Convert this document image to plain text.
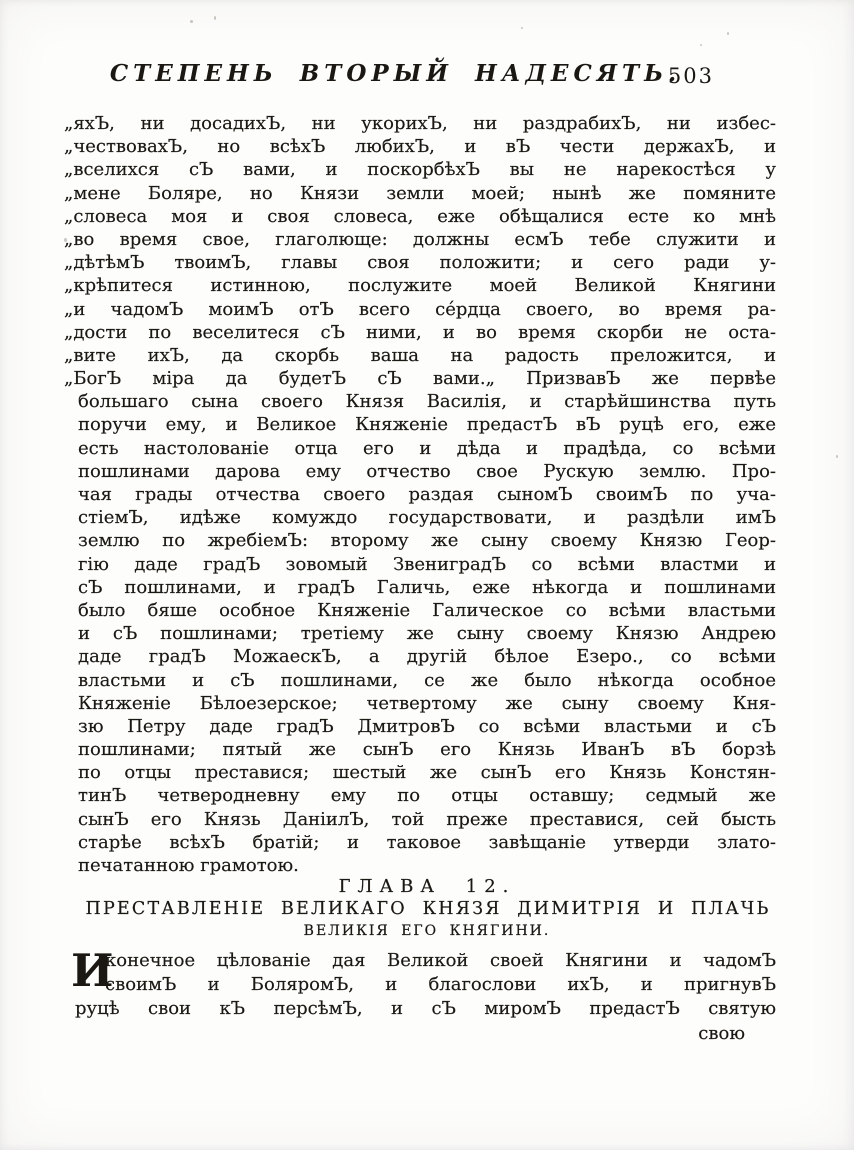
СТЕПЕНЬ ВТОРЫЙ НАДЕСЯТЬ.
503
„яхЪ, ни досадихЪ, ни укорихЪ, ни раздрабихЪ, ни избес-
„чествовахЪ, но всѣхЪ любихЪ, и вЪ чести держахЪ, и
„вселихся сЪ вами, и поскорбѣхЪ вы не нарекостѣся у
„мене Боляре, но Князи земли моей; нынѣ же помяните
„словеса моя и своя словеса, еже обѣщалися есте ко мнѣ
„во время свое, глаголюще: должны есмЪ тебе служити и
„дѣтѣмЪ твоимЪ, главы своя положити; и сего ради у-
„крѣпитеся истинною, послужите моей Великой Княгини
„и чадомЪ моимЪ отЪ всего се́рдца своего, во время ра-
„дости по веселитеся сЪ ними, и во время скорби не оста-
„вите ихЪ, да скорбь ваша на радость преложится, и
„БогЪ міра да будетЪ сЪ вами.„ ПризвавЪ же первѣе
большаго сына своего Князя Василія, и старѣйшинства путь
поручи ему, и Великое Княженіе предастЪ вЪ руцѣ его, еже
есть настолованіе отца его и дѣда и прадѣда, со всѣми
пошлинами дарова ему отчество свое Рускую землю. Про-
чая грады отчества своего раздая сыномЪ своимЪ по уча-
стіемЪ, идѣже комуждо государствовати, и раздѣли имЪ
землю по жребіемЪ: второму же сыну своему Князю Геор-
гію даде градЪ зовомый ЗвениградЪ со всѣми властми и
сЪ пошлинами, и градЪ Галичь, еже нѣкогда и пошлинами
было бяше особное Княженіе Галическое со всѣми властьми
и сЪ пошлинами; третіему же сыну своему Князю Андрею
даде градЪ МожаескЪ, а другій бѣлое Езеро., со всѣми
властьми и сЪ пошлинами, се же было нѣкогда особное
Княженіе Бѣлоезерское; четвертому же сыну своему Кня-
зю Петру даде градЪ ДмитровЪ со всѣми властьми и сЪ
пошлинами; пятый же сынЪ его Князь ИванЪ вЪ борзѣ
по отцы преставися; шестый же сынЪ его Князь Констян-
тинЪ четверодневну ему по отцы оставшу; седмый же
сынЪ его Князь ДаніилЪ, той преже преставися, сей бысть
старѣе всѣхЪ братій; и таковое завѣщаніе утверди злато-
печатанною грамотою.
ГЛАВА 12.
ПРЕСТАВЛЕНІЕ ВЕЛИКАГО КНЯЗЯ ДИМИТРІЯ И ПЛАЧЬ
ВЕЛИКІЯ ЕГО КНЯГИНИ.
И
конечное цѣлованіе дая Великой своей Княгини и чадомЪ
своимЪ и БоляромЪ, и благослови ихЪ, и пригнувЪ
руцѣ свои кЪ персѣмЪ, и сЪ миромЪ предастЪ святую
свою
